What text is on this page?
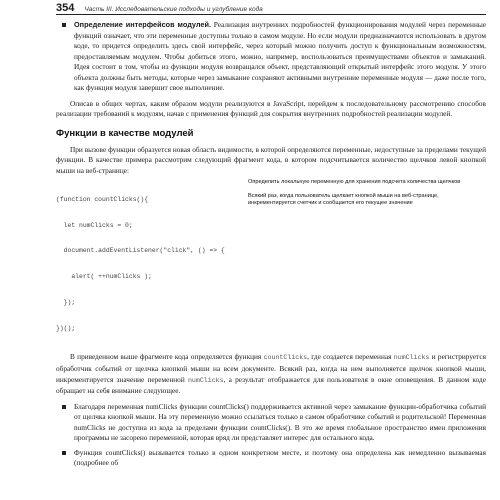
354 Часть III. Исследовательские подходы и углубление кода
Определение интерфейсов модулей. Реализация внутренних подробностей функционирования модулей через переменные функций означает, что эти переменные доступны только в самом модуле. Но если модули предназначаются использовать в другом коде, то придется определить здесь свой интерфейс, через который можно получить доступ к функциональным возможностям, предоставляемым модулем. Чтобы добиться этого, можно, например, воспользоваться преимуществами объектов и замыканий. Идея состоит в том, чтобы из функции модуля возвращался объект, представляющий открытый интерфейс этого модуля. У этого объекта должны быть методы, которые через замыкание сохраняют активными внутренние переменные модуля — даже после того, как функция модуля завершит свое выполнение.

Описав в общих чертах, каким образом модули реализуются в JavaScript, перейдем к последовательному рассмотрению способов реализации требований к модулям, начав с применения функций для сокрытия внутренних подробностей реализации модулей.

Функции в качестве модулей

При вызове функции образуется новая область видимости, в которой определяются переменные, недоступные за пределами текущей функции. В качестве примера рассмотрим следующий фрагмент кода, в котором подсчитывается количество щелчков левой кнопкой мыши на веб-странице:

(function countClicks(){

let numClicks = 0;

document.addEventListener("click", () => {

alert( ++numClicks );

});

})();

Определить локальную переменную для хранения подсчета количества щелчков
Всякий раз, когда пользователь щелкает кнопкой мыши на веб-странице, инкрементируется счетчик и сообщается его текущее значение

В приведенном выше фрагменте кода определяется функция countClicks, где создается переменная numClicks и регистрируется обработчик событий от щелчка кнопкой мыши на всем документе. Всякий раз, когда на нем выполняется щелчок кнопкой мыши, инкрементируется значение переменной numClicks, а результат отображается для пользователя в окне оповещения. В данном коде обращает на себя внимание следующее.

Благодаря переменная numClicks функции countClicks() поддерживается активной через замыкание функции-обработчика событий от щелчка кнопкой мыши. На эту переменную можно ссылаться только в самом обработчике событий и родительской! Переменная numClicks не доступна из кода за пределами функции countClicks(). В это же время глобальное пространство имен приложения программы не засорено переменной, которая вряд ли представляет интерес для остального кода.
Функция countClicks() вызывается только в одном конкретном месте, и поэтому она определена как немедленно вызываемая (подробнее об
